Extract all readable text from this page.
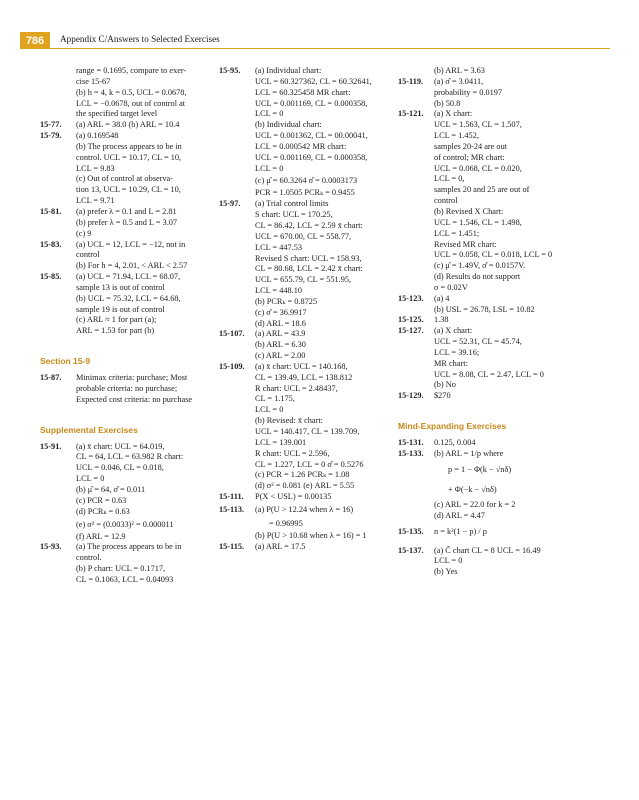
786	Appendix C/Answers to Selected Exercises
range = 0.1695, compare to exer-
cise 15-67
(b) h = 4, k = 0.5, UCL = 0.0678,
LCL = −0.0678, out of control at
the specified target level
15-77. (a) ARL = 38.0 (b) ARL = 10.4
15-79. (a) 0.169548
(b) The process appears to be in
control. UCL = 10.17, CL = 10,
LCL = 9.83
(c) Out of control at observa-
tion 13, UCL = 10.29, CL = 10,
LCL = 9.71
15-81. (a) prefer λ = 0.1 and L = 2.81
(b) prefer λ = 0.5 and L = 3.07
(c) 9
15-83. (a) UCL = 12, LCL = −12, not in
control
(b) For h = 4, 2.01, < ARL < 2.57
15-85. (a) UCL = 71.94, LCL = 68.07,
sample 13 is out of control
(b) UCL = 75.32, LCL = 64.68,
sample 19 is out of control
(c) ARL ≈ 1 for part (a);
ARL = 1.53 for part (b)
Section 15-9
15-87. Minimax criteria: purchase; Most
probable criteria: no purchase;
Expected cost criteria: no purchase
Supplemental Exercises
15-91. (a) x̄ chart: UCL = 64.019,
CL = 64, LCL = 63.982 R chart:
UCL = 0.046, CL = 0.018,
LCL = 0
(b) μ̂ = 64, σ̂ = 0.011
(c) PCR = 0.63
(d) PCRₖ = 0.63
(e) σ² = (0.0033)² = 0.000011
(f) ARL = 12.9
15-93. (a) The process appears to be in
control.
(b) P chart: UCL = 0.1717,
CL = 0.1063, LCL = 0.04093
15-95. (a) Individual chart:
UCL = 60.327362, CL = 60.32641,
LCL = 60.325458 MR chart:
UCL = 0.001169, CL = 0.000358,
LCL = 0
(b) Individual chart:
UCL = 0.001362, CL = 00.00041,
LCL = 0.000542 MR chart:
UCL = 0.001169, CL = 0.000358,
LCL = 0
(c) μ̂ = 60.3264 σ̂ = 0.0003173
PCR = 1.0505 PCRₖ = 0.9455
15-97. (a) Trial control limits
S chart: UCL = 170.25,
CL = 86.42, LCL = 2.59 x̄ chart:
UCL = 670.00, CL = 558.77,
LCL = 447.53
Revised S chart: UCL = 158.93,
CL = 80.68, LCL = 2.42 x̄ chart:
UCL = 655.79, CL = 551.95,
LCL = 448.10
(b) PCRₖ = 0.8725
(c) σ̂ = 36.9917
(d) ARL = 18.6
15-107. (a) ARL = 43.9
(b) ARL = 6.30
(c) ARL = 2.00
15-109. (a) x̄ chart: UCL = 140.168,
CL = 139.49, LCL = 138.812
R chart: UCL = 2.48437,
CL = 1.175,
LCL = 0
(b) Revised: x̄ chart:
UCL = 140.417, CL = 139.709,
LCL = 139.001
R chart: UCL = 2.596,
CL = 1.227, LCL = 0 σ̂ = 0.5276
(c) PCR = 1.26 PCRₖ = 1.08
(d) σ² = 0.081 (e) ARL = 5.55
15-111. P(X < USL) = 0.00135
15-113. (a) P(U > 12.24 when λ = 16)
= 0.96995
(b) P(U > 10.68 when λ = 16) = 1
15-115. (a) ARL = 17.5
(b) ARL = 3.63
15-119. (a) σ̂ = 3.0411,
probability = 0.0197
(b) 50.8
15-121. (a) X chart:
UCL = 1.563, CL = 1.507,
LCL = 1.452,
samples 20-24 are out
of control; MR chart:
UCL = 0.068, CL = 0.020,
LCL = 0,
samples 20 and 25 are out of
control
(b) Revised X Chart:
UCL = 1.546, CL = 1.498,
LCL = 1.451;
Revised MR chart:
UCL = 0.058, CL = 0.018, LCL = 0
(c) μ̂ = 1.49V, σ̂ = 0.0157V.
(d) Results do not support
σ = 0.02V
15-123. (a) 4
(b) USL = 26.78, LSL = 10.82
15-125. 1.38
15-127. (a) X chart:
UCL = 52.31, CL = 45.74,
LCL = 39.16;
MR chart:
UCL = 8.08, CL = 2.47, LCL = 0
(b) No
15-129. $270
Mind-Expanding Exercises
15-131. 0.125, 0.004
15-133. (b) ARL = 1/p where
p = 1 − Φ(k − √nδ)
+ Φ(−k − √nδ)
(c) ARL = 22.0 for k = 2
(d) ARL = 4.47
15-135. n = k²(1 − p) / p
15-137. (a) C̄ chart CL = 8 UCL = 16.49
LCL = 0
(b) Yes
